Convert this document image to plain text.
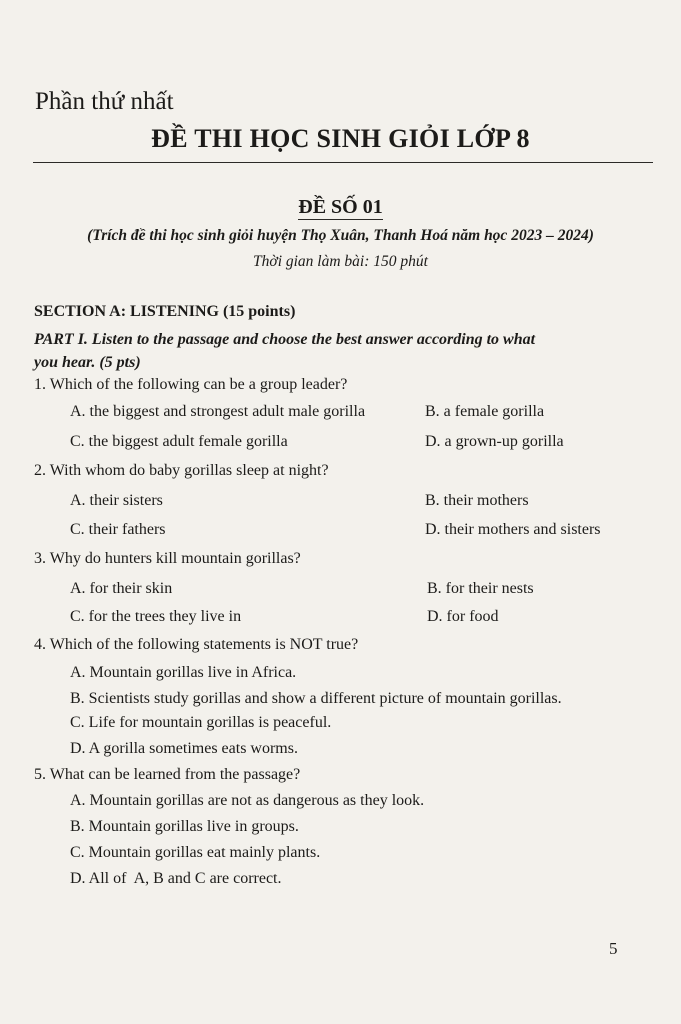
Phần thứ nhất
ĐỀ THI HỌC SINH GIỎI LỚP 8
ĐỀ SỐ 01
(Trích đề thi học sinh giỏi huyện Thọ Xuân, Thanh Hoá năm học 2023 – 2024)
Thời gian làm bài: 150 phút
SECTION A: LISTENING (15 points)
PART I. Listen to the passage and choose the best answer according to what
you hear. (5 pts)
1. Which of the following can be a group leader?
A. the biggest and strongest adult male gorilla	B. a female gorilla
C. the biggest adult female gorilla	D. a grown-up gorilla
2. With whom do baby gorillas sleep at night?
A. their sisters	B. their mothers
C. their fathers	D. their mothers and sisters
3. Why do hunters kill mountain gorillas?
A. for their skin	B. for their nests
C. for the trees they live in	D. for food
4. Which of the following statements is NOT true?
A. Mountain gorillas live in Africa.
B. Scientists study gorillas and show a different picture of mountain gorillas.
C. Life for mountain gorillas is peaceful.
D. A gorilla sometimes eats worms.
5. What can be learned from the passage?
A. Mountain gorillas are not as dangerous as they look.
B. Mountain gorillas live in groups.
C. Mountain gorillas eat mainly plants.
D. All of  A, B and C are correct.
5
